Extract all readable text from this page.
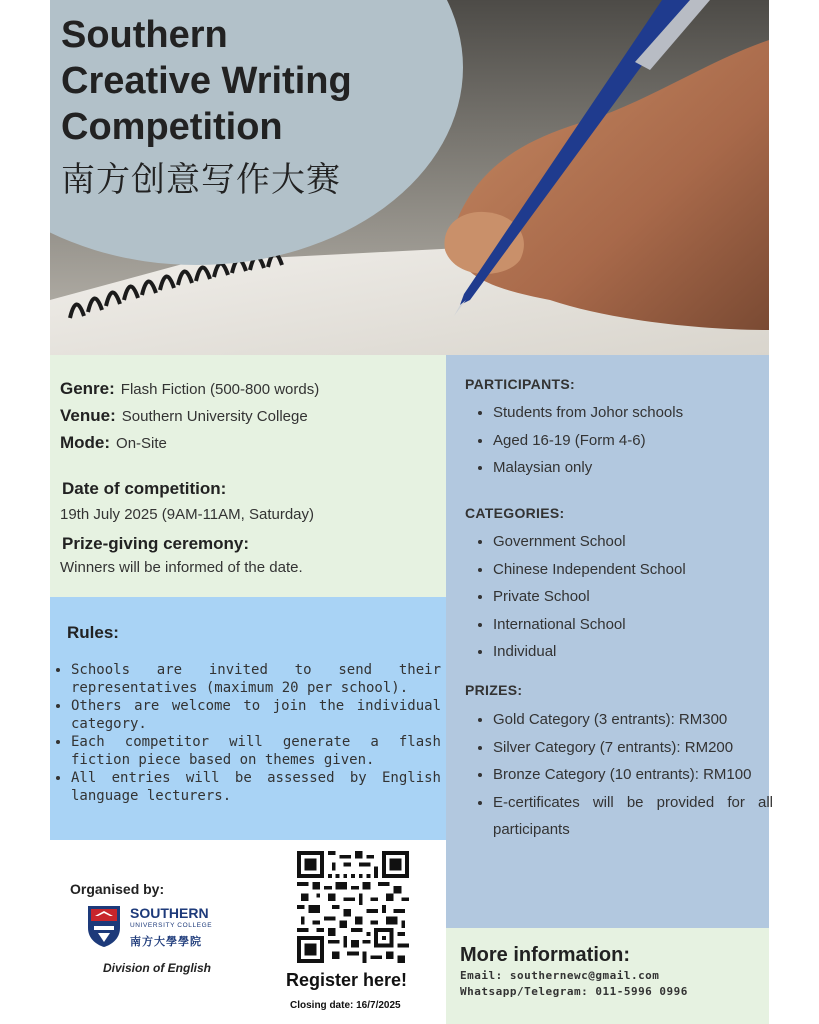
Southern
Creative Writing
Competition
南方创意写作大赛
Genre: Flash Fiction (500-800 words)
Venue: Southern University College
Mode: On-Site
Date of competition:
19th July 2025 (9AM-11AM, Saturday)
Prize-giving ceremony:
Winners will be informed of the date.
Rules:
• Schools are invited to send their representatives (maximum 20 per school).
• Others are welcome to join the individual category.
• Each competitor will generate a flash fiction piece based on themes given.
• All entries will be assessed by English language lecturers.
PARTICIPANTS:
• Students from Johor schools
• Aged 16-19 (Form 4-6)
• Malaysian only
CATEGORIES:
• Government School
• Chinese Independent School
• Private School
• International School
• Individual
PRIZES:
• Gold Category (3 entrants): RM300
• Silver Category (7 entrants): RM200
• Bronze Category (10 entrants): RM100
• E-certificates will be provided for all participants
More information:
Email: southernewc@gmail.com
Whatsapp/Telegram: 011-5996 0996
Organised by:
SOUTHERN
UNIVERSITY COLLEGE
南方大學學院
Division of English
Register here!
Closing date: 16/7/2025
